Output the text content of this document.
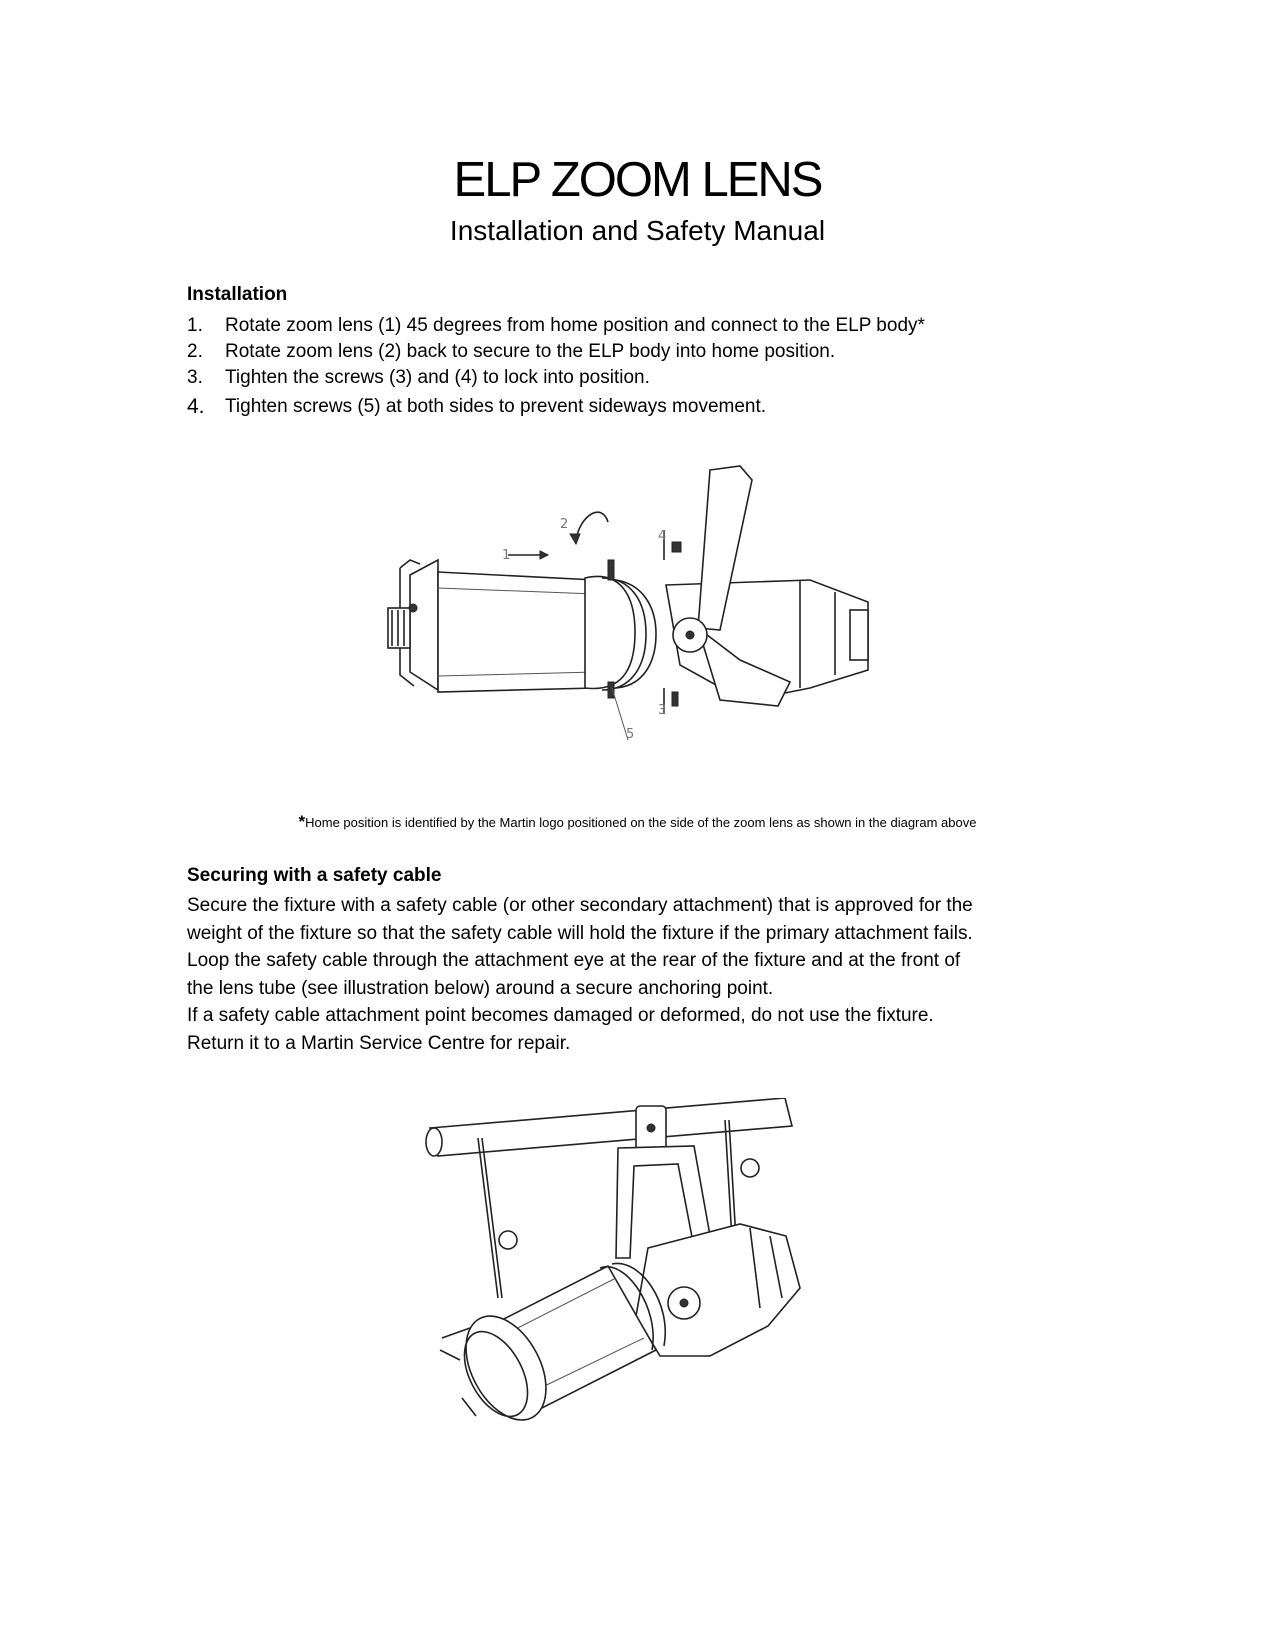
ELP ZOOM LENS
Installation and Safety Manual
Installation
1.	Rotate zoom lens (1) 45 degrees from home position and connect to the ELP body*
2.	Rotate zoom lens (2) back to secure to the ELP body into home position.
3.	Tighten the screws (3) and (4) to lock into position.
4.	Tighten screws (5) at both sides to prevent sideways movement.
1
2
5
4
3
*Home position is identified by the Martin logo positioned on the side of the zoom lens as shown in the diagram above
Securing with a safety cable

Secure the fixture with a safety cable (or other secondary attachment) that is approved for the

weight of the fixture so that the safety cable will hold the fixture if the primary attachment fails.

Loop the safety cable through the attachment eye at the rear of the fixture and at the front of

the lens tube (see illustration below) around a secure anchoring point.

If a safety cable attachment point becomes damaged or deformed, do not use the fixture.

Return it to a Martin Service Centre for repair.
